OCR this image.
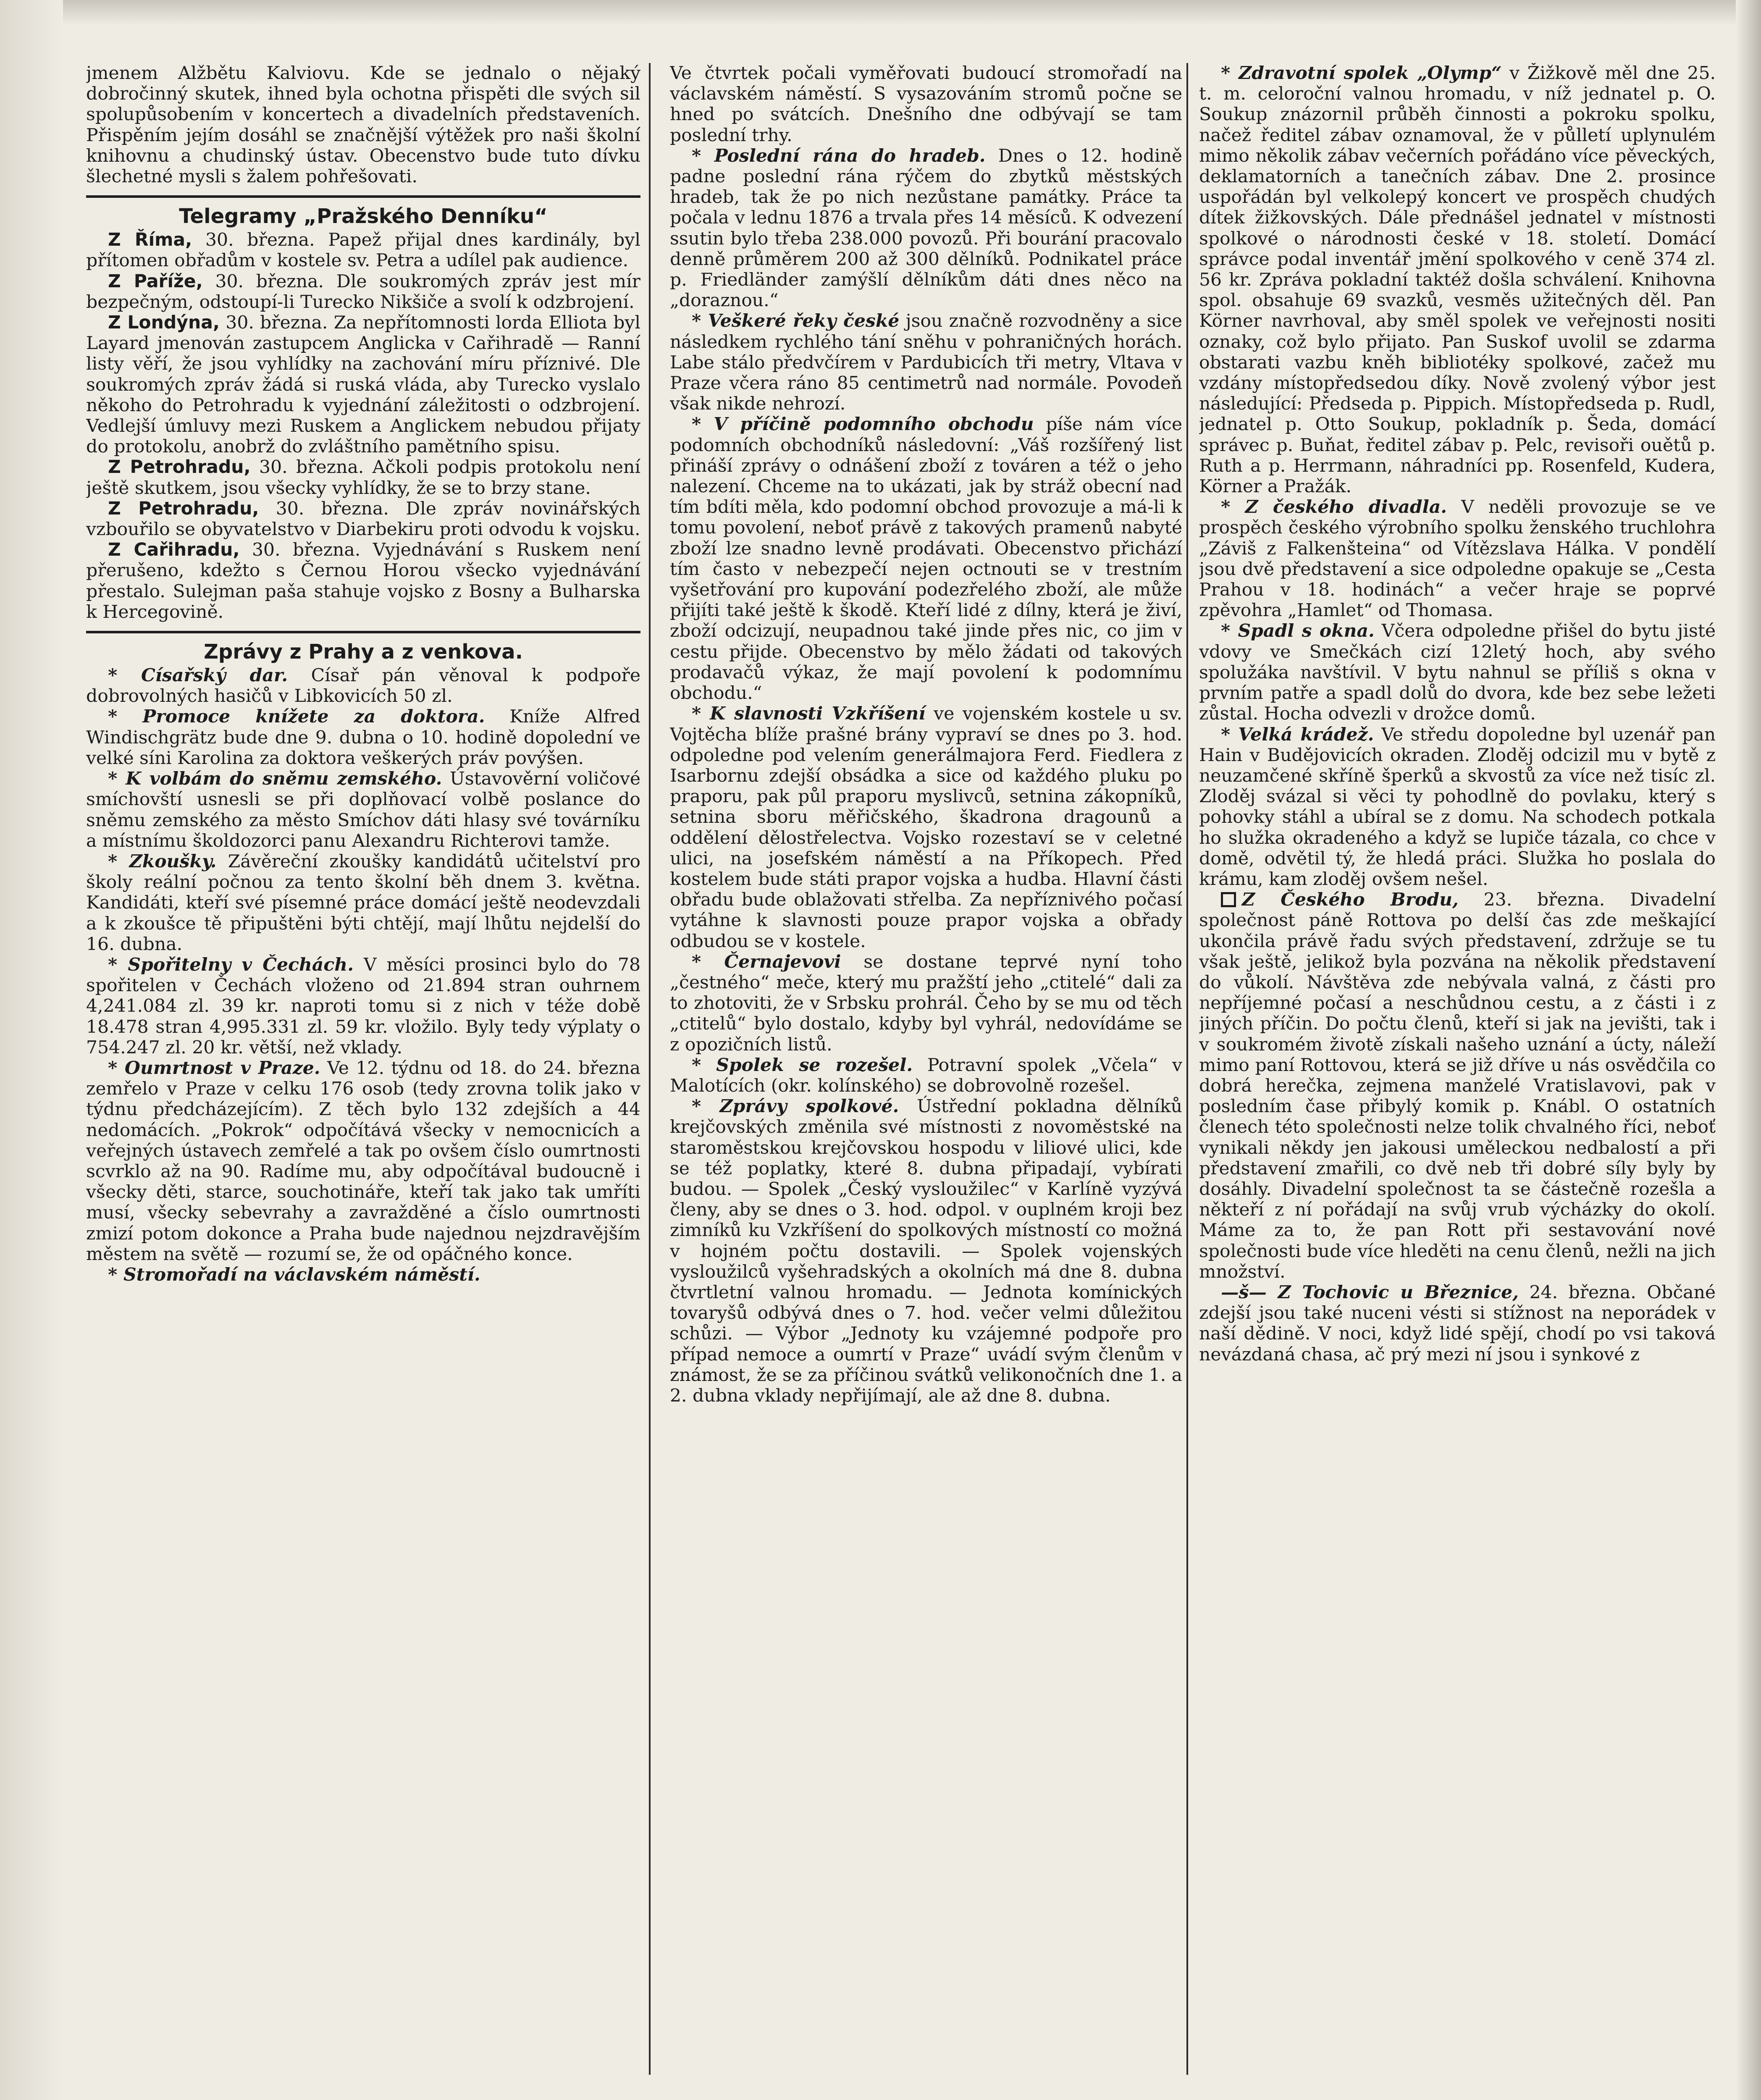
jmenem Alžbětu Kalviovu. Kde se jednalo o nějaký dobročinný skutek, ihned byla ochotna přispěti dle svých sil spolupůsobením v koncertech a divadelních představeních. Přispěním jejím dosáhl se značnější výtěžek pro naši školní knihovnu a chudinský ústav. Obecenstvo bude tuto dívku šlechetné mysli s žalem pohřešovati.

Telegramy „Pražského Denníku“

Z Říma, 30. března. Papež přijal dnes kardinály, byl přítomen obřadům v kostele sv. Petra a udílel pak audience.

Z Paříže, 30. března. Dle soukromých zpráv jest mír bezpečným, odstoupí-li Turecko Nikšiče a svolí k odzbrojení.

Z Londýna, 30. března. Za nepřítomnosti lorda Elliota byl Layard jmenován zastupcem Anglicka v Cařihradě — Ranní listy věří, že jsou vyhlídky na zachování míru příznivé. Dle soukromých zpráv žádá si ruská vláda, aby Turecko vyslalo někoho do Petrohradu k vyjednání záležitosti o odzbrojení. Vedlejší úmluvy mezi Ruskem a Anglickem nebudou přijaty do protokolu, anobrž do zvláštního pamětního spisu.

Z Petrohradu, 30. března. Ačkoli podpis protokolu není ještě skutkem, jsou všecky vyhlídky, že se to brzy stane.

Z Petrohradu, 30. března. Dle zpráv novinářských vzbouřilo se obyvatelstvo v Diarbekiru proti odvodu k vojsku.

Z Cařihradu, 30. března. Vyjednávání s Ruskem není přerušeno, kdežto s Černou Horou všecko vyjednávání přestalo. Sulejman paša stahuje vojsko z Bosny a Bulharska k Hercegovině.

Zprávy z Prahy a z venkova.

* Císařský dar. Císař pán věnoval k podpoře dobrovolných hasičů v Libkovicích 50 zl.

* Promoce knížete za doktora. Kníže Alfred Windischgrätz bude dne 9. dubna o 10. hodině dopolední ve velké síni Karolina za doktora veškerých práv povýšen.

* K volbám do sněmu zemského. Ústavověrní voličové smíchovští usnesli se při doplňovací volbě poslance do sněmu zemského za město Smíchov dáti hlasy své továrníku a místnímu školdozorci panu Alexandru Richterovi tamže.

* Zkoušky. Závěreční zkoušky kandidátů učitelství pro školy reální počnou za tento školní běh dnem 3. května. Kandidáti, kteří své písemné práce domácí ještě neodevzdali a k zkoušce tě připuštěni býti chtějí, mají lhůtu nejdelší do 16. dubna.

* Spořitelny v Čechách. V měsíci prosinci bylo do 78 spořitelen v Čechách vloženo od 21.894 stran ouhrnem 4,241.084 zl. 39 kr. naproti tomu si z nich v téže době 18.478 stran 4,995.331 zl. 59 kr. vložilo. Byly tedy výplaty o 754.247 zl. 20 kr. větší, než vklady.

* Oumrtnost v Praze. Ve 12. týdnu od 18. do 24. března zemřelo v Praze v celku 176 osob (tedy zrovna tolik jako v týdnu předcházejícím). Z těch bylo 132 zdejších a 44 nedomácích. „Pokrok“ odpočítává všecky v nemocnicích a veřejných ústavech zemřelé a tak po ovšem číslo oumrtnosti scvrklo až na 90. Radíme mu, aby odpočítával budoucně i všecky děti, starce, souchotináře, kteří tak jako tak umříti musí, všecky sebevrahy a zavražděné a číslo oumrtnosti zmizí potom dokonce a Praha bude najednou nejzdravějším městem na světě — rozumí se, že od opáčného konce.

* Stromořadí na václavském náměstí.

Ve čtvrtek počali vyměřovati budoucí stromořadí na václavském náměstí. S vysazováním stromů počne se hned po svátcích. Dnešního dne odbývají se tam poslední trhy.

* Poslední rána do hradeb. Dnes o 12. hodině padne poslední rána rýčem do zbytků městských hradeb, tak že po nich nezůstane památky. Práce ta počala v lednu 1876 a trvala přes 14 měsíců. K odvezení ssutin bylo třeba 238.000 povozů. Při bourání pracovalo denně průměrem 200 až 300 dělníků. Podnikatel práce p. Friedländer zamýšlí dělníkům dáti dnes něco na „doraznou.“

* Veškeré řeky české jsou značně rozvodněny a sice následkem rychlého tání sněhu v pohraničných horách. Labe stálo předvčírem v Pardubicích tři metry, Vltava v Praze včera ráno 85 centimetrů nad normále. Povodeň však nikde nehrozí.

* V příčině podomního obchodu píše nám více podomních obchodníků následovní: „Váš rozšířený list přináší zprávy o odnášení zboží z továren a též o jeho nalezení. Chceme na to ukázati, jak by stráž obecní nad tím bdíti měla, kdo podomní obchod provozuje a má-li k tomu povolení, neboť právě z takových pramenů nabyté zboží lze snadno levně prodávati. Obecenstvo přichází tím často v nebezpečí nejen octnouti se v trestním vyšetřování pro kupování podezřelého zboží, ale může přijíti také ještě k škodě. Kteří lidé z dílny, která je živí, zboží odcizují, neupadnou také jinde přes nic, co jim v cestu přijde. Obecenstvo by mělo žádati od takových prodavačů výkaz, že mají povolení k podomnímu obchodu.“

* K slavnosti Vzkříšení ve vojenském kostele u sv. Vojtěcha blíže prašné brány vypraví se dnes po 3. hod. odpoledne pod velením generálmajora Ferd. Fiedlera z Isarbornu zdejší obsádka a sice od každého pluku po praporu, pak půl praporu myslivců, setnina zákopníků, setnina sboru měřičského, škadrona dragounů a oddělení dělostřelectva. Vojsko rozestaví se v celetné ulici, na josefském náměstí a na Příkopech. Před kostelem bude státi prapor vojska a hudba. Hlavní části obřadu bude oblažovati střelba. Za nepříznivého počasí vytáhne k slavnosti pouze prapor vojska a obřady odbudou se v kostele.

* Černajevovi se dostane teprvé nyní toho „čestného“ meče, který mu pražští jeho „ctitelé“ dali za to zhotoviti, že v Srbsku prohrál. Čeho by se mu od těch „ctitelů“ bylo dostalo, kdyby byl vyhrál, nedovídáme se z opozičních listů.

* Spolek se rozešel. Potravní spolek „Včela“ v Malotících (okr. kolínského) se dobrovolně rozešel.

* Zprávy spolkové. Ústřední pokladna dělníků krejčovských změnila své místnosti z novoměstské na staroměstskou krejčovskou hospodu v liliové ulici, kde se též poplatky, které 8. dubna připadají, vybírati budou. — Spolek „Český vysloužilec“ v Karlíně vyzývá členy, aby se dnes o 3. hod. odpol. v ouplném kroji bez zimníků ku Vzkříšení do spolkových místností co možná v hojném počtu dostavili. — Spolek vojenských vysloužilců vyšehradských a okolních má dne 8. dubna čtvrtletní valnou hromadu. — Jednota komínických tovaryšů odbývá dnes o 7. hod. večer velmi důležitou schůzi. — Výbor „Jednoty ku vzájemné podpoře pro případ nemoce a oumrtí v Praze“ uvádí svým členům v známost, že se za příčinou svátků velikonočních dne 1. a 2. dubna vklady nepřijímají, ale až dne 8. dubna.

* Zdravotní spolek „Olymp“ v Žižkově měl dne 25. t. m. celoroční valnou hromadu, v níž jednatel p. O. Soukup znázornil průběh činnosti a pokroku spolku, načež ředitel zábav oznamoval, že v půlletí uplynulém mimo několik zábav večerních pořádáno více pěveckých, deklamatorních a tanečních zábav. Dne 2. prosince uspořádán byl velkolepý koncert ve prospěch chudých dítek žižkovských. Dále přednášel jednatel v místnosti spolkové o národnosti české v 18. století. Domácí správce podal inventář jmění spolkového v ceně 374 zl. 56 kr. Zpráva pokladní taktéž došla schválení. Knihovna spol. obsahuje 69 svazků, vesměs užitečných děl. Pan Körner navrhoval, aby směl spolek ve veřejnosti nositi oznaky, což bylo přijato. Pan Suskof uvolil se zdarma obstarati vazbu kněh bibliotéky spolkové, začež mu vzdány místopředsedou díky. Nově zvolený výbor jest následující: Předseda p. Pippich. Místopředseda p. Rudl, jednatel p. Otto Soukup, pokladník p. Šeda, domácí správec p. Buňat, ředitel zábav p. Pelc, revisoři ouětů p. Ruth a p. Herrmann, náhradníci pp. Rosenfeld, Kudera, Körner a Pražák.

* Z českého divadla. V neděli provozuje se ve prospěch českého výrobního spolku ženského truchlohra „Záviš z Falkenšteina“ od Vítězslava Hálka. V pondělí jsou dvě představení a sice odpoledne opakuje se „Cesta Prahou v 18. hodinách“ a večer hraje se poprvé zpěvohra „Hamlet“ od Thomasa.

* Spadl s okna. Včera odpoledne přišel do bytu jisté vdovy ve Smečkách cizí 12letý hoch, aby svého spolužáka navštívil. V bytu nahnul se příliš s okna v prvním patře a spadl dolů do dvora, kde bez sebe ležeti zůstal. Hocha odvezli v drožce domů.

* Velká krádež. Ve středu dopoledne byl uzenář pan Hain v Budějovicích okraden. Zloděj odcizil mu v bytě z neuzamčené skříně šperků a skvostů za více než tisíc zl. Zloděj svázal si věci ty pohodlně do povlaku, který s pohovky stáhl a ubíral se z domu. Na schodech potkala ho služka okradeného a když se lupiče tázala, co chce v domě, odvětil tý, že hledá práci. Služka ho poslala do krámu, kam zloděj ovšem nešel.

Z Českého Brodu, 23. března. Divadelní společnost páně Rottova po delší čas zde meškající ukončila právě řadu svých představení, zdržuje se tu však ještě, jelikož byla pozvána na několik představení do vůkolí. Návštěva zde nebývala valná, z části pro nepříjemné počasí a neschůdnou cestu, a z části i z jiných příčin. Do počtu členů, kteří si jak na jevišti, tak i v soukromém životě získali našeho uznání a úcty, náleží mimo paní Rottovou, která se již dříve u nás osvědčila co dobrá herečka, zejmena manželé Vratislavovi, pak v posledním čase přibylý komik p. Knábl. O ostatních členech této společnosti nelze tolik chvalného říci, neboť vynikali někdy jen jakousi uměleckou nedbalostí a při představení zmařili, co dvě neb tři dobré síly byly by dosáhly. Divadelní společnost ta se částečně rozešla a někteří z ní pořádají na svůj vrub výcházky do okolí. Máme za to, že pan Rott při sestavování nové společnosti bude více hleděti na cenu členů, nežli na jich množství.

—š— Z Tochovic u Březnice, 24. března. Občané zdejší jsou také nuceni vésti si stížnost na neporádek v naší dědině. V noci, když lidé spějí, chodí po vsi taková nevázdaná chasa, ač prý mezi ní jsou i synkové z
